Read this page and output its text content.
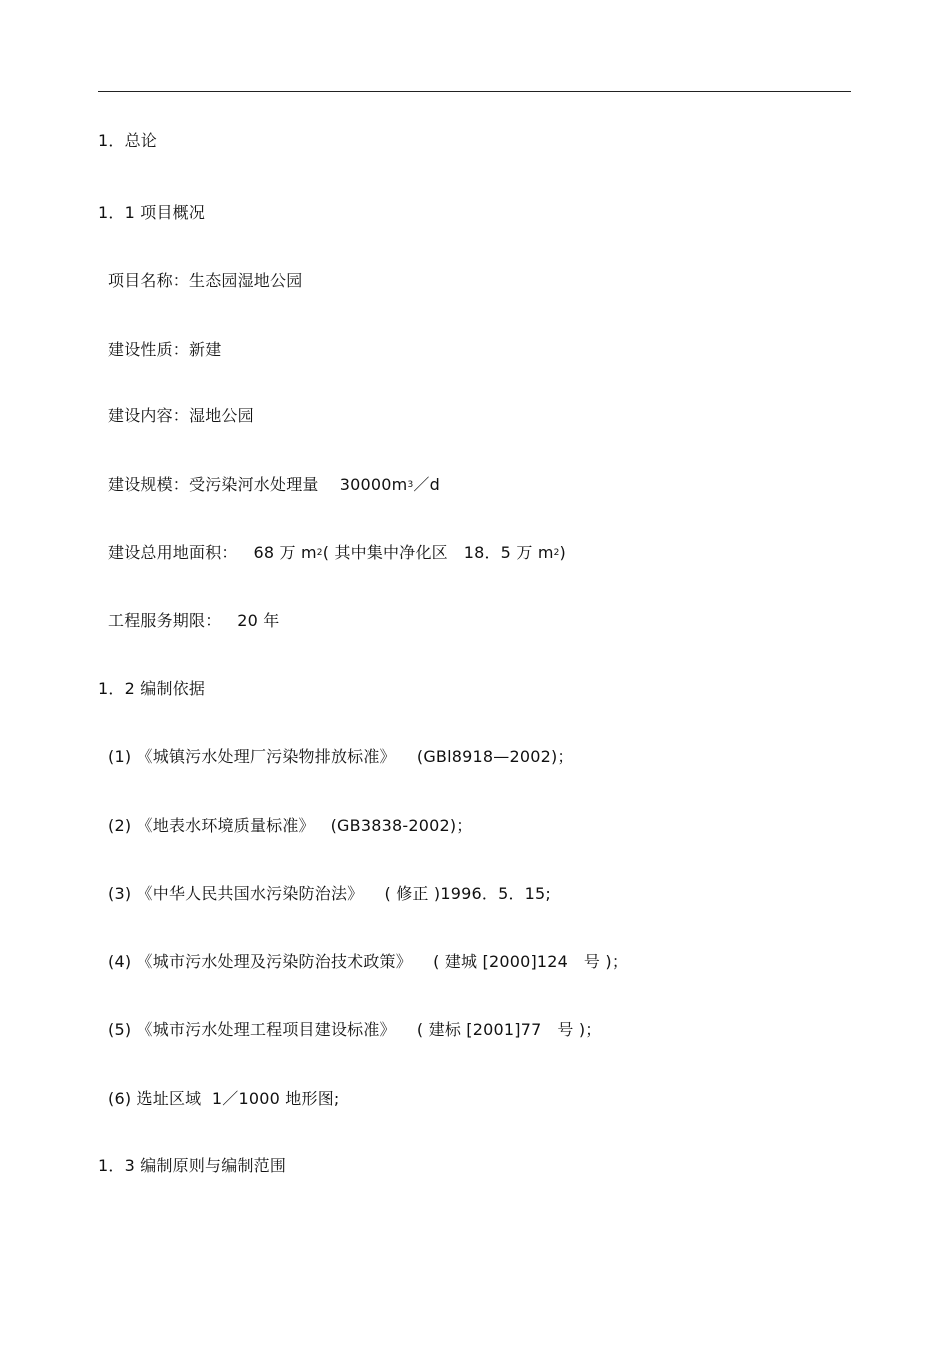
1．总论
1．1 项目概况
项目名称：生态园湿地公园
建设性质：新建
建设内容：湿地公园
建设规模：受污染河水处理量    $30000m^3/d$
建设总用地面积：   68 万 $m^2$( 其中集中净化区   18．5 万 $m^2$)
工程服务期限：   20 年
1．2 编制依据
(1) 《城镇污水处理厂污染物排放标准》    (GBl8918—2002)；
(2) 《地表水环境质量标准》   (GB3838-2002)；
(3) 《中华人民共国水污染防治法》    ( 修正 )1996．5．15;
(4) 《城市污水处理及污染防治技术政策》    ( 建城 [2000]124   号 )；
(5) 《城市污水处理工程项目建设标准》    ( 建标 [2001]77   号 )；
(6) 选址区域  1／1000 地形图;
1．3 编制原则与编制范围
